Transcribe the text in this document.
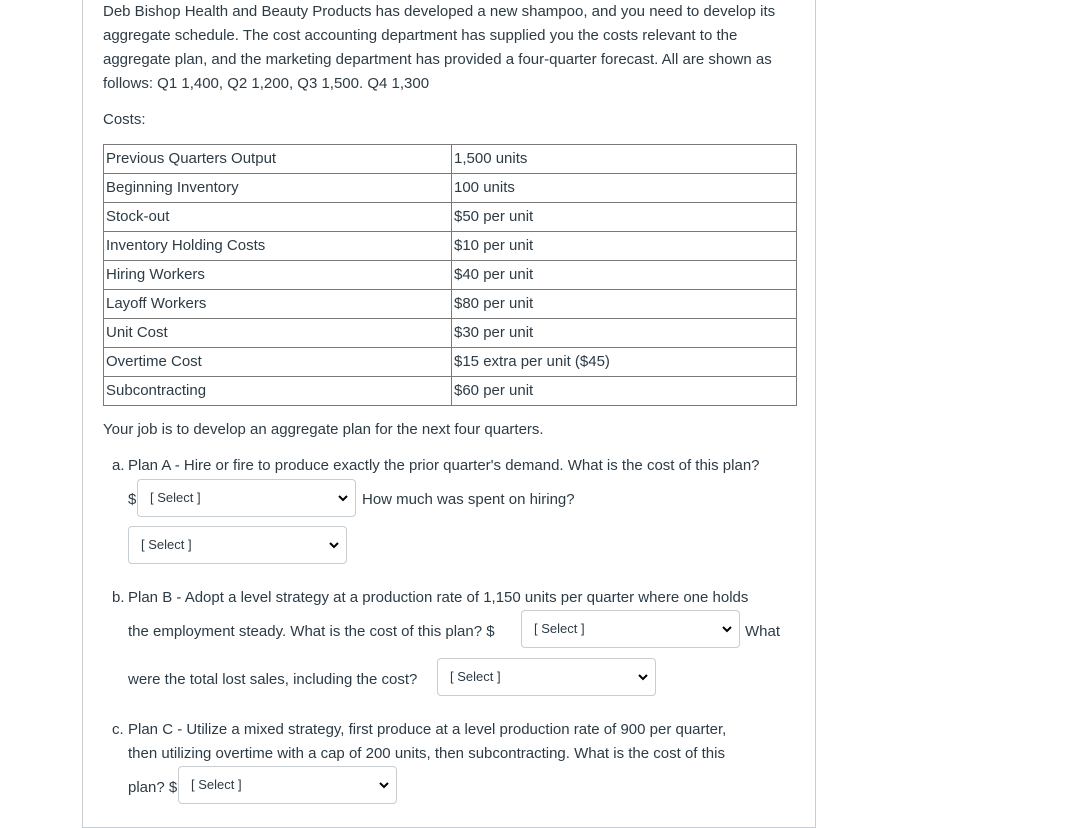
Deb Bishop Health and Beauty Products has developed a new shampoo, and you need to develop its aggregate schedule. The cost accounting department has supplied you the costs relevant to the aggregate plan, and the marketing department has provided a four-quarter forecast. All are shown as follows: Q1 1,400, Q2 1,200, Q3 1,500. Q4 1,300

Costs:

Previous Quarters Output	1,500 units
Beginning Inventory	100 units
Stock-out	$50 per unit
Inventory Holding Costs	$10 per unit
Hiring Workers	$40 per unit
Layoff Workers	$80 per unit
Unit Cost	$30 per unit
Overtime Cost	$15 extra per unit ($45)
Subcontracting	$60 per unit

Your job is to develop an aggregate plan for the next four quarters.

a. Plan A - Hire or fire to produce exactly the prior quarter's demand. What is the cost of this plan?

$ [ Select ]	How much was spent on hiring?

[ Select ]
b. Plan B - Adopt a level strategy at a production rate of 1,150 units per quarter where one holds

the employment steady. What is the cost of this plan? $	[ Select ]	What

were the total lost sales, including the cost?	[ Select ]
c. Plan C - Utilize a mixed strategy, first produce at a level production rate of 900 per quarter,

then utilizing overtime with a cap of 200 units, then subcontracting. What is the cost of this

plan? $ [ Select ]
